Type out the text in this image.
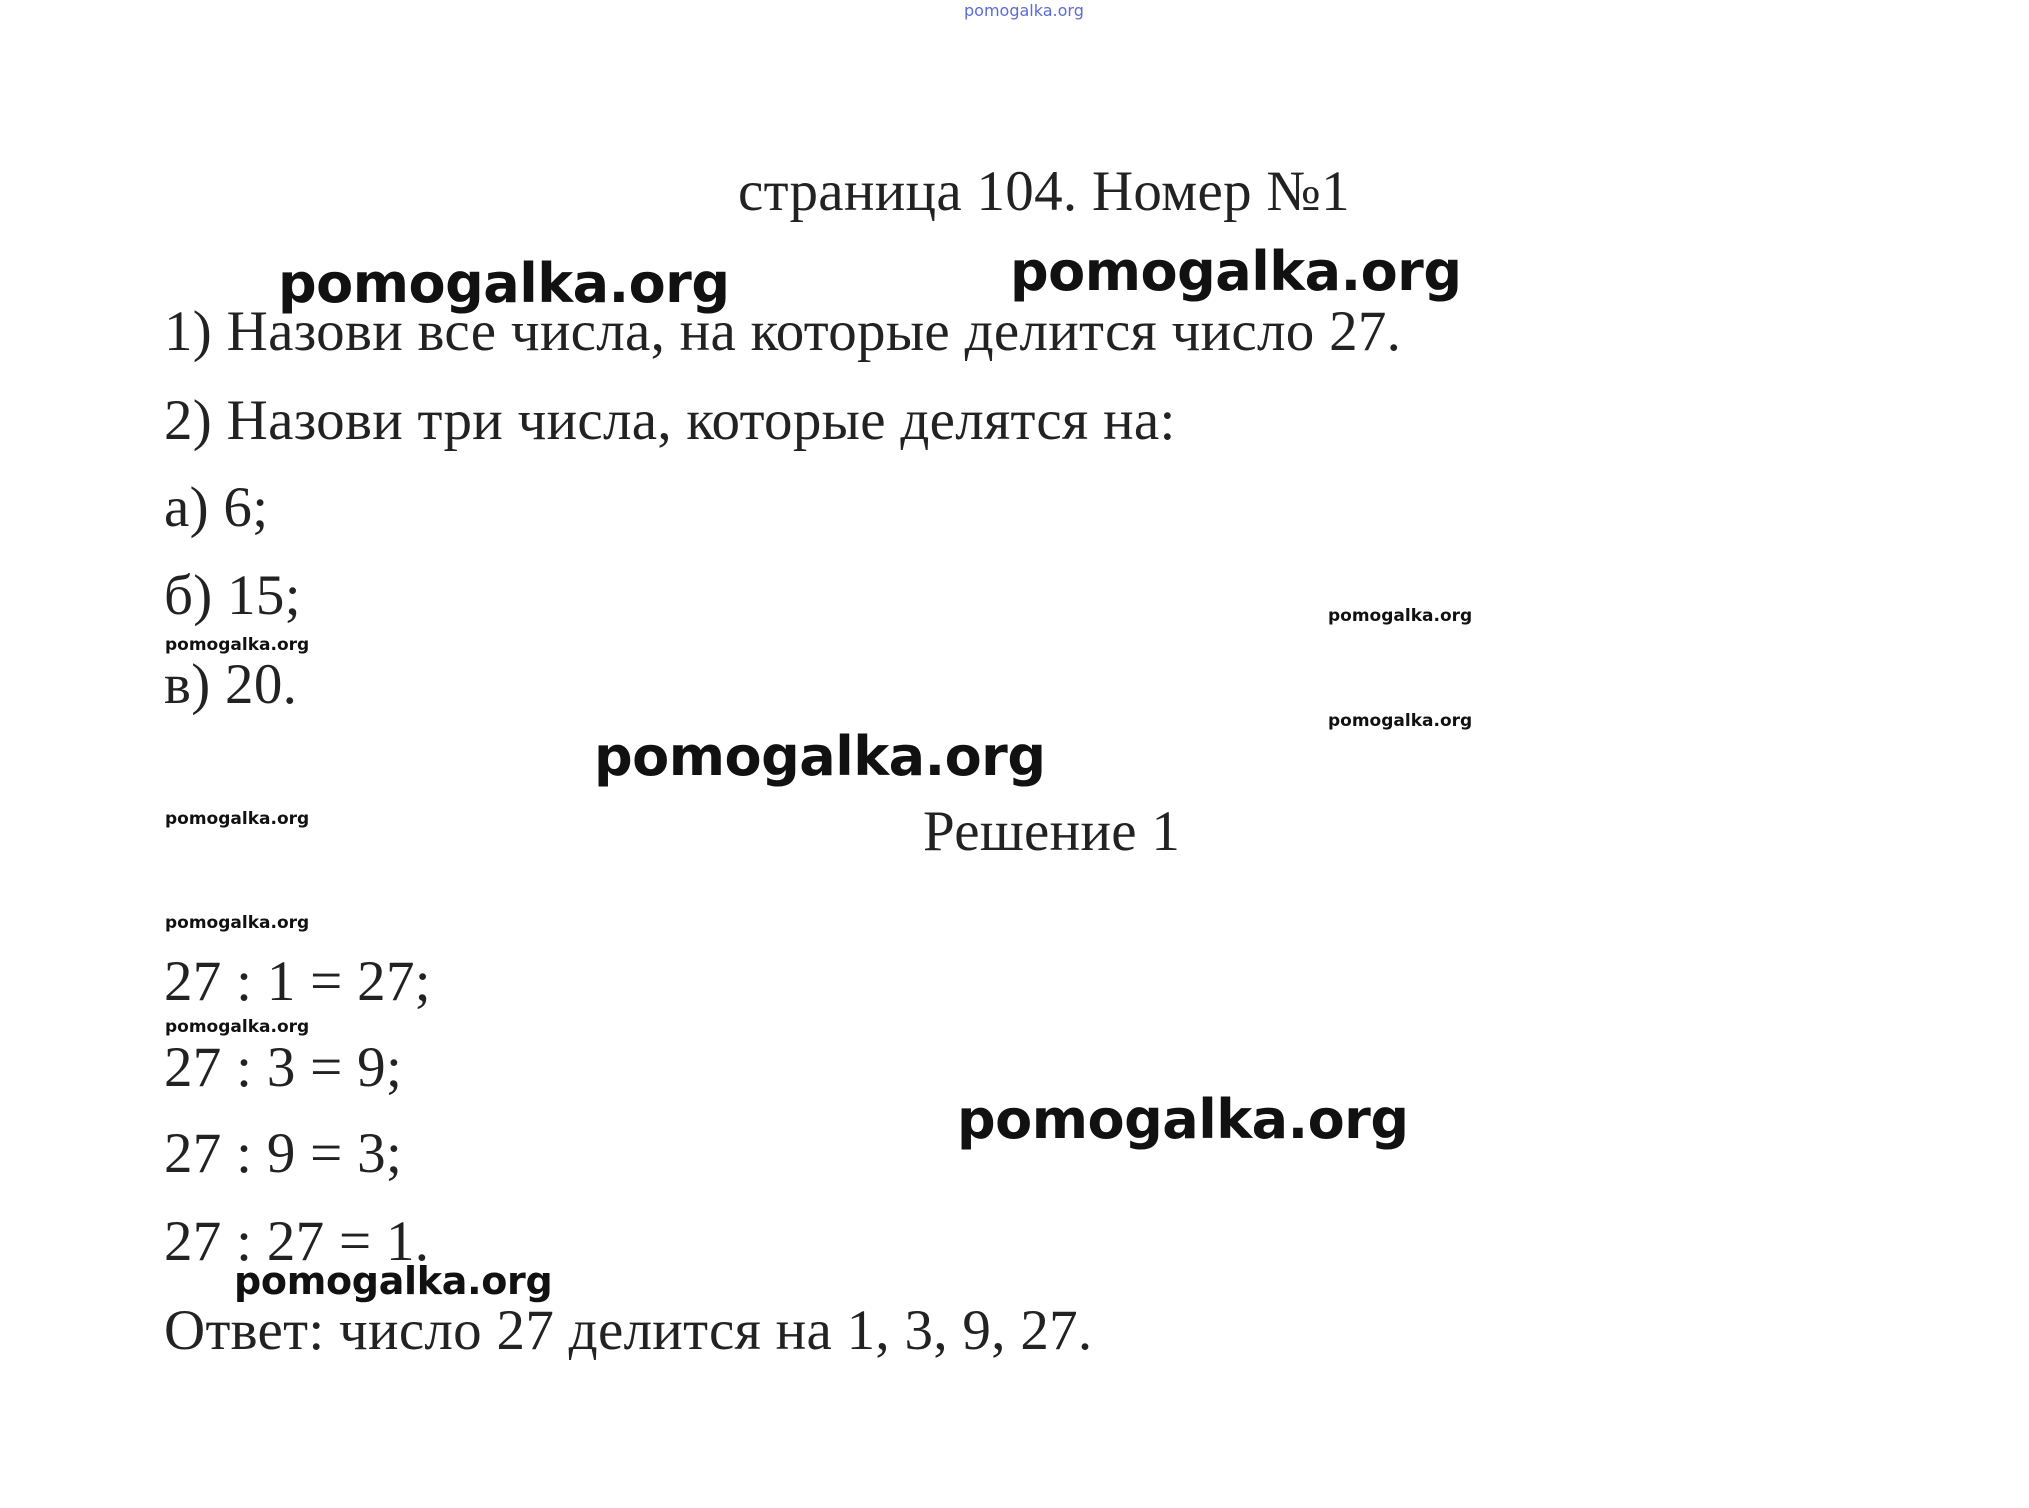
pomogalka.org
страница 104. Номер №1
1) Назови все числа, на которые делится число 27.
2) Назови три числа, которые делятся на:
а) 6;
б) 15;
в) 20.
Решение 1
27 : 1 = 27;
27 : 3 = 9;
27 : 9 = 3;
27 : 27 = 1.
Ответ: число 27 делится на 1, 3, 9, 27.
pomogalka.org	pomogalka.org
pomogalka.org
pomogalka.org
pomogalka.org
pomogalka.org
pomogalka.org
pomogalka.org
pomogalka.org
pomogalka.org
pomogalka.org
